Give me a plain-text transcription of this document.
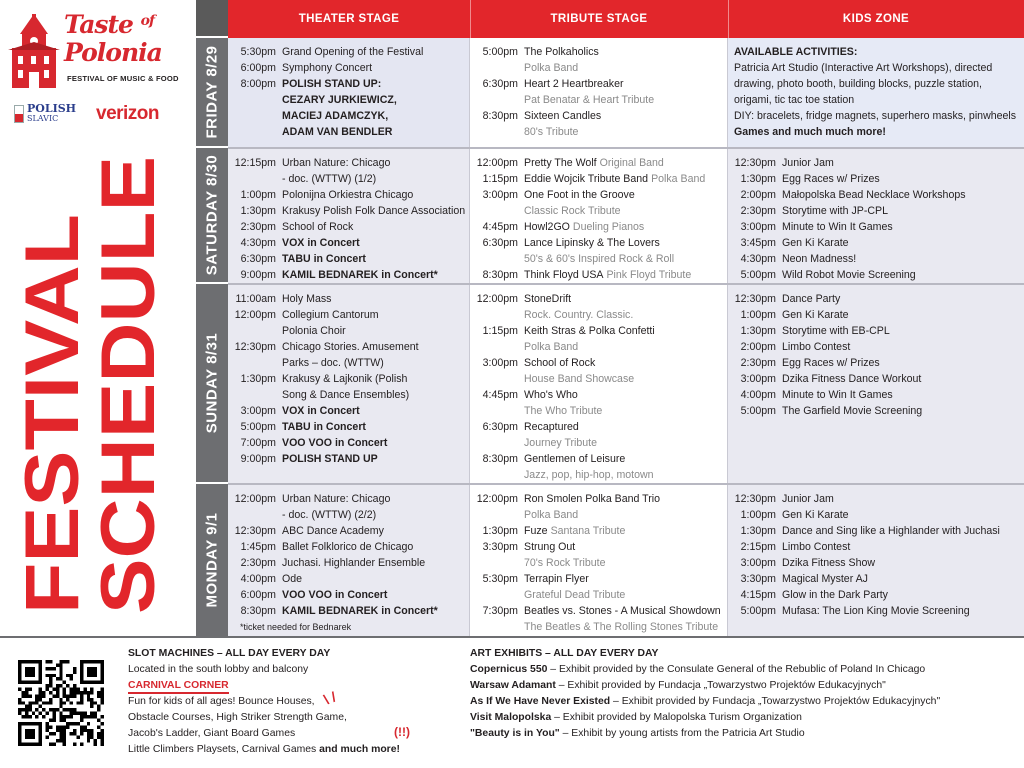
Taste $^{of}$
Polonia
FESTIVAL OF MUSIC & FOOD
POLISH
SLAVIC verizon
FESTIVAL
SCHEDULE
FRIDAY 8/29
SATURDAY 8/30
SUNDAY 8/31
MONDAY 9/1
THEATER STAGE	TRIBUTE STAGE	KIDS ZONE
5:30pm Grand Opening of the Festival
6:00pm Symphony Concert
8:00pm POLISH STAND UP:
CEZARY JURKIEWICZ,
MACIEJ ADAMCZYK,
ADAM VAN BENDLER
5:00pm The Polkaholics
Polka Band
6:30pm Heart 2 Heartbreaker
Pat Benatar & Heart Tribute
8:30pm Sixteen Candles
80's Tribute
AVAILABLE ACTIVITIES:
Patricia Art Studio (Interactive Art Workshops), directed drawing, photo booth, building blocks, puzzle station, origami, tic tac toe station
DIY: bracelets, fridge magnets, superhero masks, pinwheels
Games and much much more!
12:15pm Urban Nature: Chicago
- doc. (WTTW) (1/2)
1:00pm Polonijna Orkiestra Chicago
1:30pm Krakusy Polish Folk Dance Association
2:30pm School of Rock
4:30pm VOX in Concert
6:30pm TABU in Concert
9:00pm KAMIL BEDNAREK in Concert*
12:00pm Pretty The Wolf Original Band
1:15pm Eddie Wojcik Tribute Band Polka Band
3:00pm One Foot in the Groove
Classic Rock Tribute
4:45pm Howl2GO Dueling Pianos
6:30pm Lance Lipinsky & The Lovers
50's & 60's Inspired Rock & Roll
8:30pm Think Floyd USA Pink Floyd Tribute
12:30pm Junior Jam
1:30pm Egg Races w/ Prizes
2:00pm Małopolska Bead Necklace Workshops
2:30pm Storytime with JP-CPL
3:00pm Minute to Win It Games
3:45pm Gen Ki Karate
4:30pm Neon Madness!
5:00pm Wild Robot Movie Screening
11:00am Holy Mass
12:00pm Collegium Cantorum
Polonia Choir
12:30pm Chicago Stories. Amusement
Parks – doc. (WTTW)
1:30pm Krakusy & Lajkonik (Polish
Song & Dance Ensembles)
3:00pm VOX in Concert
5:00pm TABU in Concert
7:00pm VOO VOO in Concert
9:00pm POLISH STAND UP
12:00pm StoneDrift
Rock. Country. Classic.
1:15pm Keith Stras & Polka Confetti
Polka Band
3:00pm School of Rock
House Band Showcase
4:45pm Who's Who
The Who Tribute
6:30pm Recaptured
Journey Tribute
8:30pm Gentlemen of Leisure
Jazz, pop, hip-hop, motown
12:30pm Dance Party
1:00pm Gen Ki Karate
1:30pm Storytime with EB-CPL
2:00pm Limbo Contest
2:30pm Egg Races w/ Prizes
3:00pm Dzika Fitness Dance Workout
4:00pm Minute to Win It Games
5:00pm The Garfield Movie Screening
12:00pm Urban Nature: Chicago
- doc. (WTTW) (2/2)
12:30pm ABC Dance Academy
1:45pm Ballet Folklorico de Chicago
2:30pm Juchasi. Highlander Ensemble
4:00pm Ode
6:00pm VOO VOO in Concert
8:30pm KAMIL BEDNAREK in Concert*
*ticket needed for Bednarek
12:00pm Ron Smolen Polka Band Trio
Polka Band
1:30pm Fuze Santana Tribute
3:30pm Strung Out
70's Rock Tribute
5:30pm Terrapin Flyer
Grateful Dead Tribute
7:30pm Beatles vs. Stones - A Musical Showdown
The Beatles & The Rolling Stones Tribute
12:30pm Junior Jam
1:00pm Gen Ki Karate
1:30pm Dance and Sing like a Highlander with Juchasi
2:15pm Limbo Contest
3:00pm Dzika Fitness Show
3:30pm Magical Myster AJ
4:15pm Glow in the Dark Party
5:00pm Mufasa: The Lion King Movie Screening
SLOT MACHINES – ALL DAY EVERY DAY
Located in the south lobby and balcony
CARNIVAL CORNER
Fun for kids of all ages! Bounce Houses,
Obstacle Courses, High Striker Strength Game,
Jacob's Ladder, Giant Board Games
Little Climbers Playsets, Carnival Games and much more!
\ /
(!!)
ART EXHIBITS – ALL DAY EVERY DAY
Copernicus 550 – Exhibit provided by the Consulate General of the Rebublic of Poland In Chicago
Warsaw Adamant – Exhibit provided by Fundacja „Towarzystwo Projektów Edukacyjnych"
As If We Have Never Existed – Exhibit provided by Fundacja „Towarzystwo Projektów Edukacyjnych"
Visit Malopolska – Exhibit provided by Malopolska Turism Organization
"Beauty is in You" – Exhibit by young artists from the Patricia Art Studio
